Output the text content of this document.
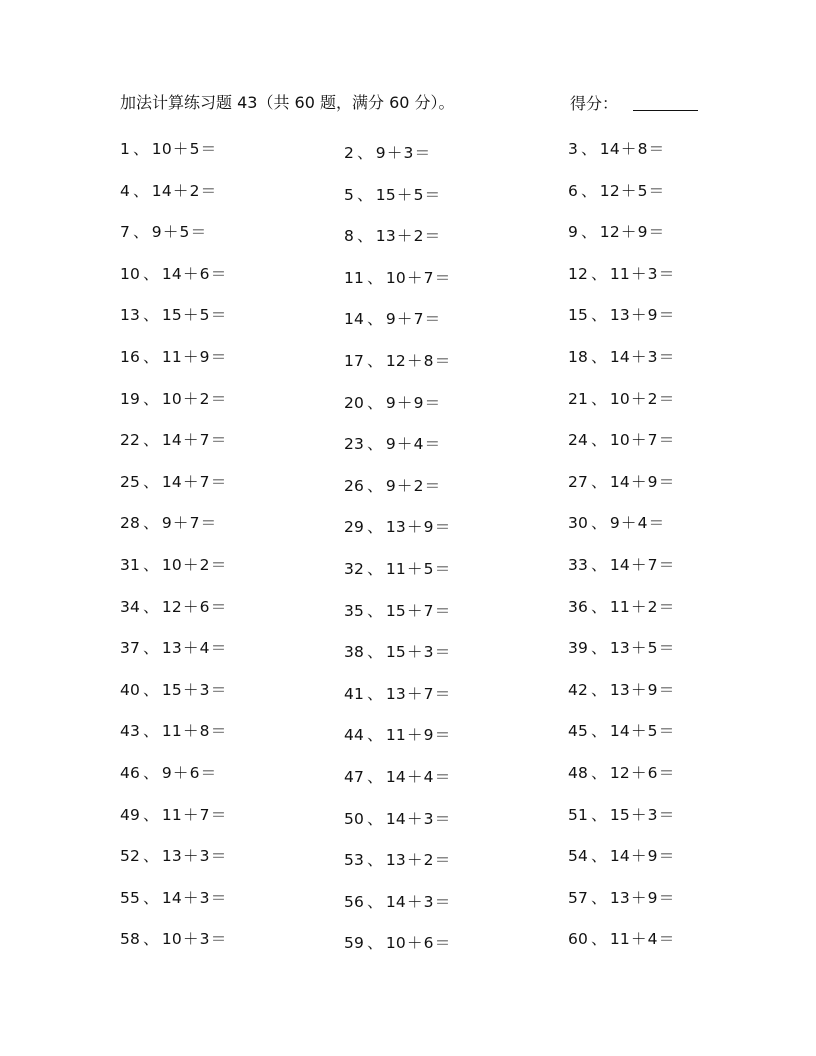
加法计算练习题 43（共 60 题，满分 60 分）。	得分：
1 、 10＋5＝	2 、 9＋3＝	3 、 14＋8＝
4 、 14＋2＝	5 、 15＋5＝	6 、 12＋5＝
7 、 9＋5＝	8 、 13＋2＝	9 、 12＋9＝
10 、 14＋6＝	11 、 10＋7＝	12 、 11＋3＝
13 、 15＋5＝	14 、 9＋7＝	15 、 13＋9＝
16 、 11＋9＝	17 、 12＋8＝	18 、 14＋3＝
19 、 10＋2＝	20 、 9＋9＝	21 、 10＋2＝
22 、 14＋7＝	23 、 9＋4＝	24 、 10＋7＝
25 、 14＋7＝	26 、 9＋2＝	27 、 14＋9＝
28 、 9＋7＝	29 、 13＋9＝	30 、 9＋4＝
31 、 10＋2＝	32 、 11＋5＝	33 、 14＋7＝
34 、 12＋6＝	35 、 15＋7＝	36 、 11＋2＝
37 、 13＋4＝	38 、 15＋3＝	39 、 13＋5＝
40 、 15＋3＝	41 、 13＋7＝	42 、 13＋9＝
43 、 11＋8＝	44 、 11＋9＝	45 、 14＋5＝
46 、 9＋6＝	47 、 14＋4＝	48 、 12＋6＝
49 、 11＋7＝	50 、 14＋3＝	51 、 15＋3＝
52 、 13＋3＝	53 、 13＋2＝	54 、 14＋9＝
55 、 14＋3＝	56 、 14＋3＝	57 、 13＋9＝
58 、 10＋3＝	59 、 10＋6＝	60 、 11＋4＝
